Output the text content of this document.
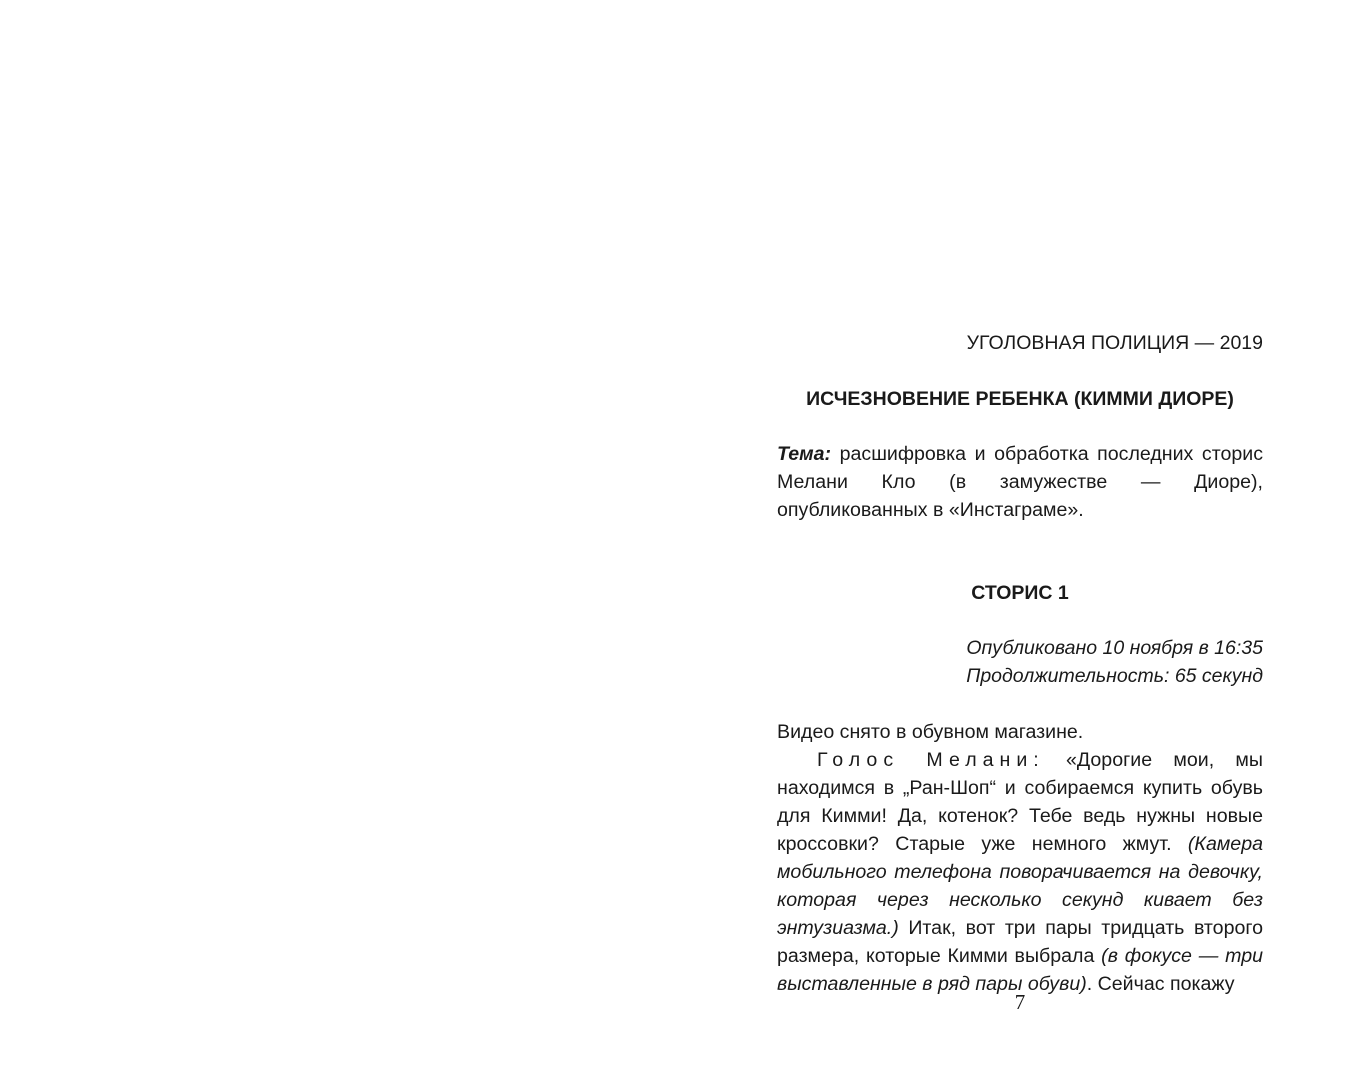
УГОЛОВНАЯ ПОЛИЦИЯ — 2019
ИСЧЕЗНОВЕНИЕ РЕБЕНКА (КИММИ ДИОРЕ)
Тема: расшифровка и обработка последних сторис Мелани Кло (в замужестве — Диоре), опубликованных в «Инстаграме».
СТОРИС 1
Опубликовано 10 ноября в 16:35
Продолжительность: 65 секунд

Видео снято в обувном магазине.

Голос Мелани: «Дорогие мои, мы находимся в „Ран-Шоп“ и собираемся купить обувь для Кимми! Да, котенок? Тебе ведь нужны новые кроссовки? Старые уже немного жмут. (Камера мобильного телефона поворачивается на девочку, которая через несколько секунд кивает без энтузиазма.) Итак, вот три пары тридцать второго размера, которые Кимми выбрала (в фокусе — три выставленные в ряд пары обуви). Сейчас покажу

7
